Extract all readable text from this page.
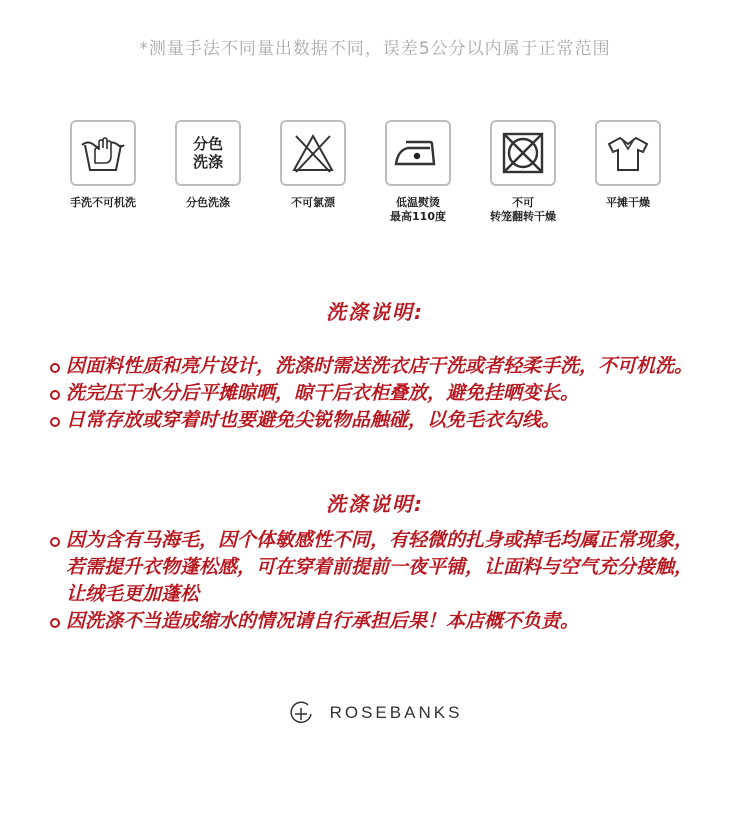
*测量手法不同量出数据不同，误差5公分以内属于正常范围
手洗不可机洗
分色
洗涤
分色洗涤	不可氯漂	低温熨烫
最高110度
不可
转笼翻转干燥
平摊干燥
洗涤说明:
因面料性质和亮片设计，洗涤时需送洗衣店干洗或者轻柔手洗，不可机洗。
洗完压干水分后平摊晾晒，晾干后衣柜叠放，避免挂晒变长。
日常存放或穿着时也要避免尖锐物品触碰，以免毛衣勾线。
洗涤说明:
因为含有马海毛，因个体敏感性不同，有轻微的扎身或掉毛均属正常现象，若需提升衣物蓬松感，可在穿着前提前一夜平铺，让面料与空气充分接触，让绒毛更加蓬松
因洗涤不当造成缩水的情况请自行承担后果！本店概不负责。
ROSEBANKS
